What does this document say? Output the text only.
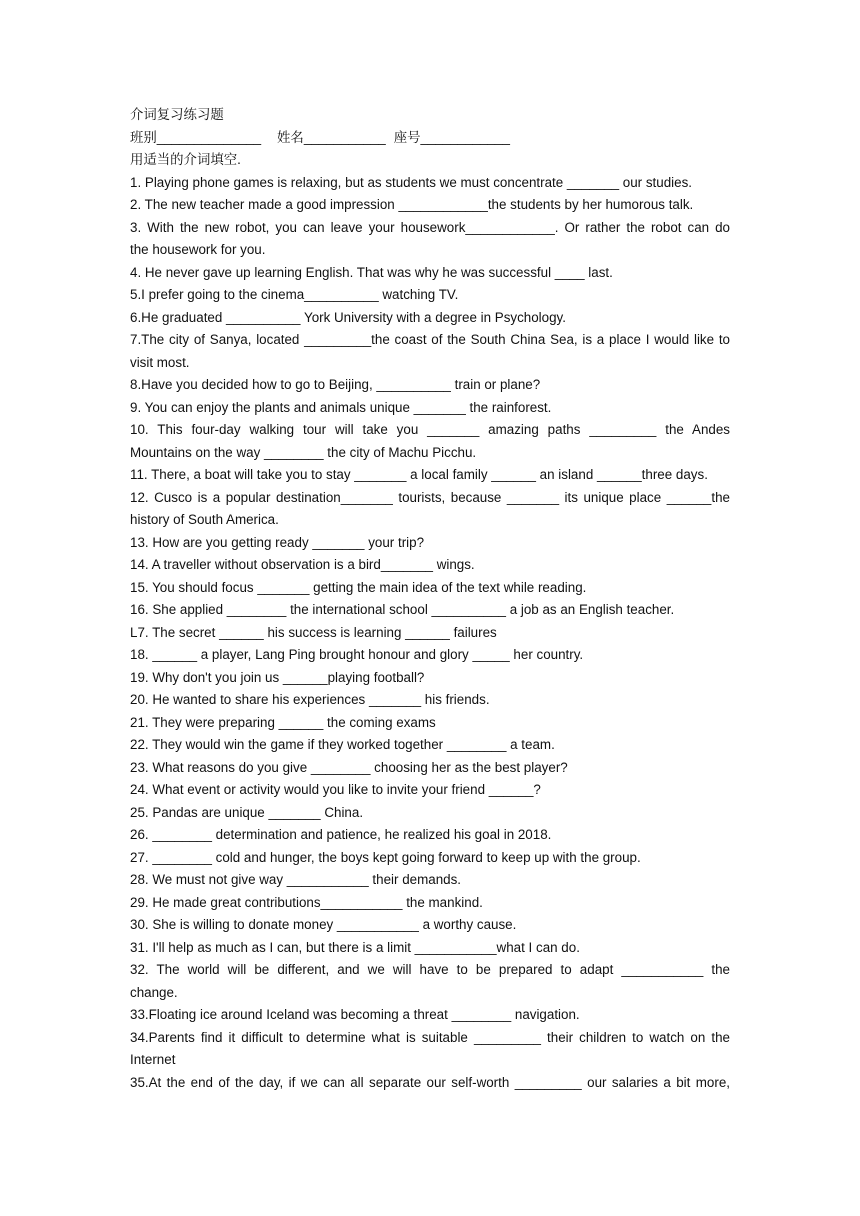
介词复习练习题

班别______________ 姓名___________ 座号____________

用适当的介词填空.

1. Playing phone games is relaxing, but as students we must concentrate _______ our studies.

2. The new teacher made a good impression ____________the students by her humorous talk.

3. With the new robot, you can leave your housework____________. Or rather the robot can do

the housework for you.

4. He never gave up learning English. That was why he was successful ____ last.

5.I prefer going to the cinema__________ watching TV.

6.He graduated __________ York University with a degree in Psychology.

7.The city of Sanya, located _________the coast of the South China Sea, is a place I would like to

visit most.

8.Have you decided how to go to Beijing, __________ train or plane?

9. You can enjoy the plants and animals unique _______ the rainforest.

10. This four-day walking tour will take you _______ amazing paths _________ the Andes

Mountains on the way ________ the city of Machu Picchu.

11. There, a boat will take you to stay _______ a local family ______ an island ______three days.

12. Cusco is a popular destination_______ tourists, because _______ its unique place ______the

history of South America.

13. How are you getting ready _______ your trip?

14. A traveller without observation is a bird_______ wings.

15. You should focus _______ getting the main idea of the text while reading.

16. She applied ________ the international school __________ a job as an English teacher.

L7. The secret ______ his success is learning ______ failures

18. ______ a player, Lang Ping brought honour and glory _____ her country.

19. Why don't you join us ______playing football?

20. He wanted to share his experiences _______ his friends.

21. They were preparing ______ the coming exams

22. They would win the game if they worked together ________ a team.

23. What reasons do you give ________ choosing her as the best player?

24. What event or activity would you like to invite your friend ______?

25. Pandas are unique _______ China.

26. ________ determination and patience, he realized his goal in 2018.

27. ________ cold and hunger, the boys kept going forward to keep up with the group.

28. We must not give way ___________ their demands.

29. He made great contributions___________ the mankind.

30. She is willing to donate money ___________ a worthy cause.

31. I'll help as much as I can, but there is a limit ___________what I can do.

32. The world will be different, and we will have to be prepared to adapt ___________ the

change.

33.Floating ice around Iceland was becoming a threat ________ navigation.

34.Parents find it difficult to determine what is suitable _________ their children to watch on the

Internet

35.At the end of the day, if we can all separate our self-worth _________ our salaries a bit more,
